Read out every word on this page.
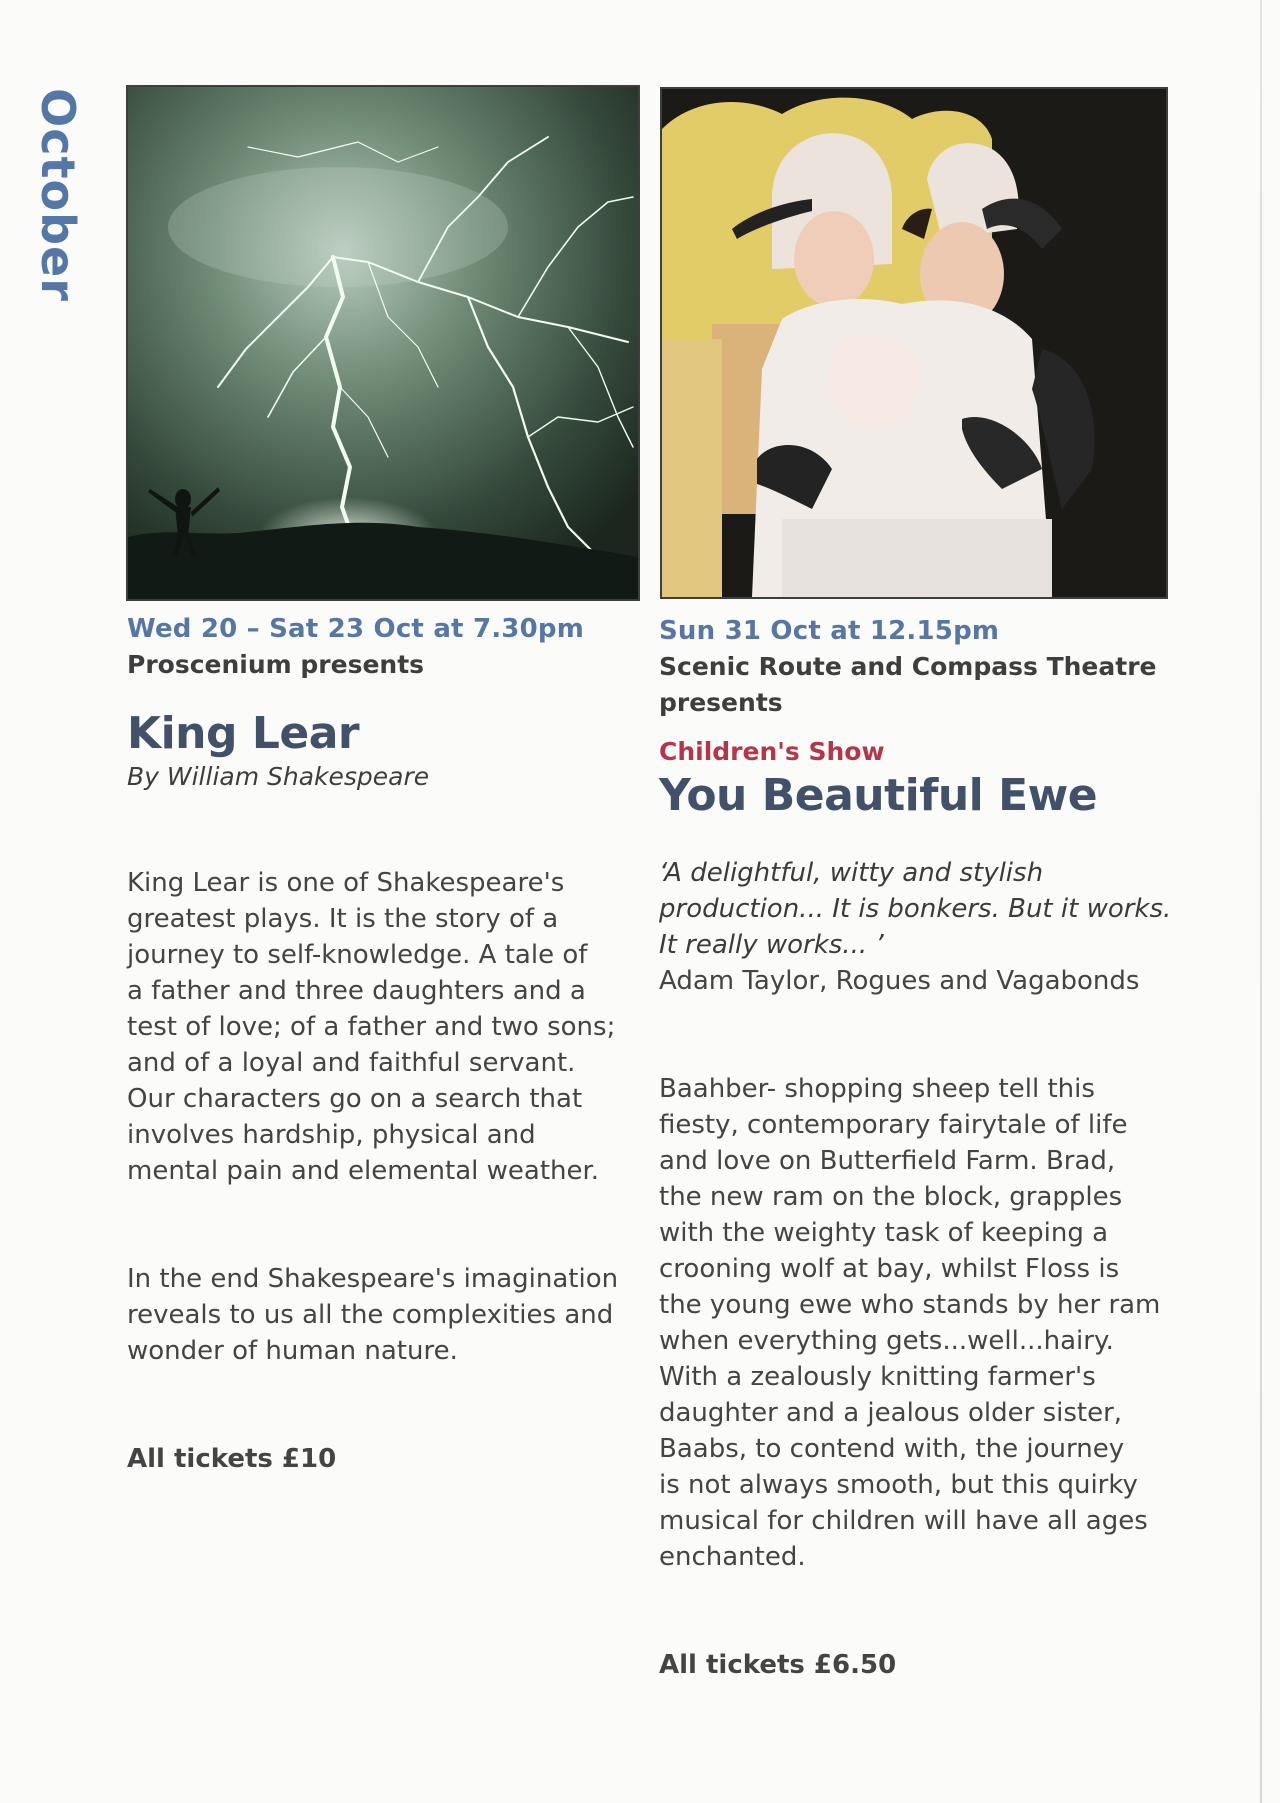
October
Wed 20 – Sat 23 Oct at 7.30pm
Proscenium presents
King Lear
By William Shakespeare

King Lear is one of Shakespeare's
greatest plays. It is the story of a
journey to self-knowledge. A tale of
a father and three daughters and a
test of love; of a father and two sons;
and of a loyal and faithful servant.
Our characters go on a search that
involves hardship, physical and
mental pain and elemental weather.

In the end Shakespeare's imagination
reveals to us all the complexities and
wonder of human nature.

All tickets £10
Sun 31 Oct at 12.15pm
Scenic Route and Compass Theatre
presents
Children's Show
You Beautiful Ewe
‘A delightful, witty and stylish
production... It is bonkers. But it works.
It really works... ’
Adam Taylor, Rogues and Vagabonds

Baahber- shopping sheep tell this
fiesty, contemporary fairytale of life
and love on Butterfield Farm. Brad,
the new ram on the block, grapples
with the weighty task of keeping a
crooning wolf at bay, whilst Floss is
the young ewe who stands by her ram
when everything gets...well...hairy.
With a zealously knitting farmer's
daughter and a jealous older sister,
Baabs, to contend with, the journey
is not always smooth, but this quirky
musical for children will have all ages
enchanted.

All tickets £6.50
